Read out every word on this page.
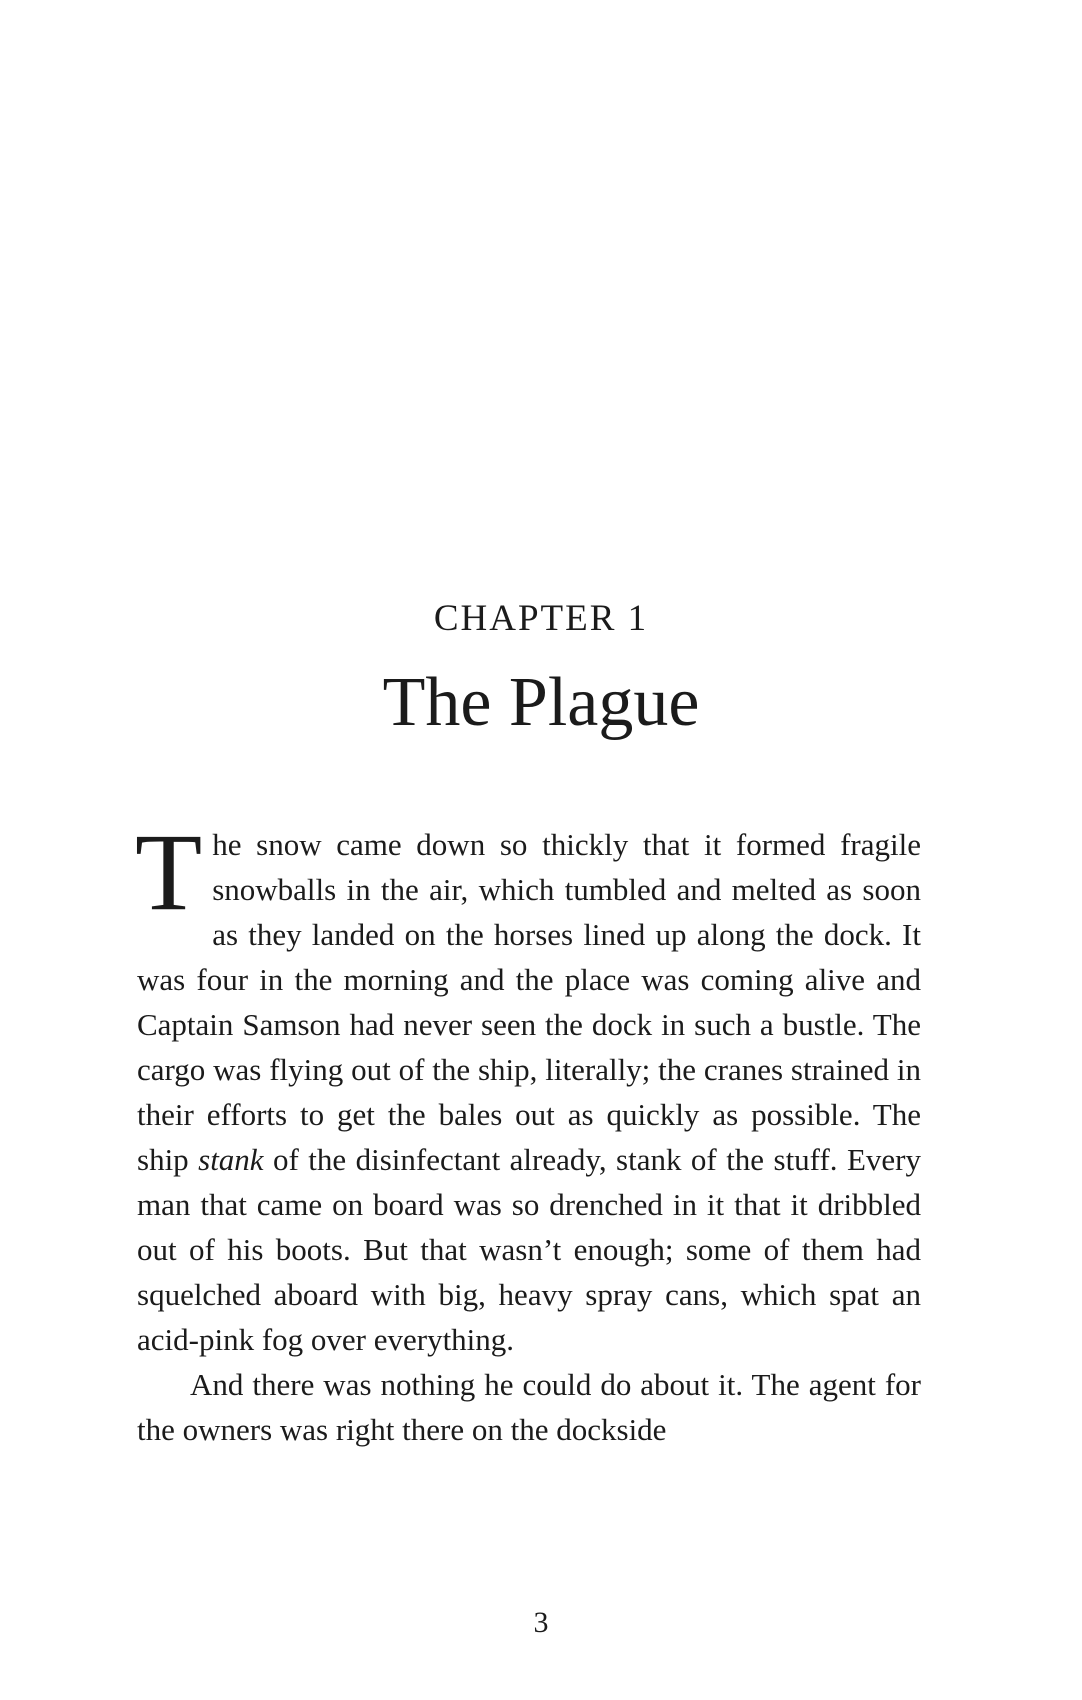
CHAPTER 1
The Plague

The snow came down so thickly that it formed fragile snowballs in the air, which tumbled and melted as soon as they landed on the horses lined up along the dock. It was four in the morning and the place was coming alive and Captain Samson had never seen the dock in such a bustle. The cargo was flying out of the ship, literally; the cranes strained in their efforts to get the bales out as quickly as possible. The ship stank of the disinfectant already, stank of the stuff. Every man that came on board was so drenched in it that it dribbled out of his boots. But that wasn’t enough; some of them had squelched aboard with big, heavy spray cans, which spat an acid-pink fog over everything.

And there was nothing he could do about it. The agent for the owners was right there on the dockside

3
